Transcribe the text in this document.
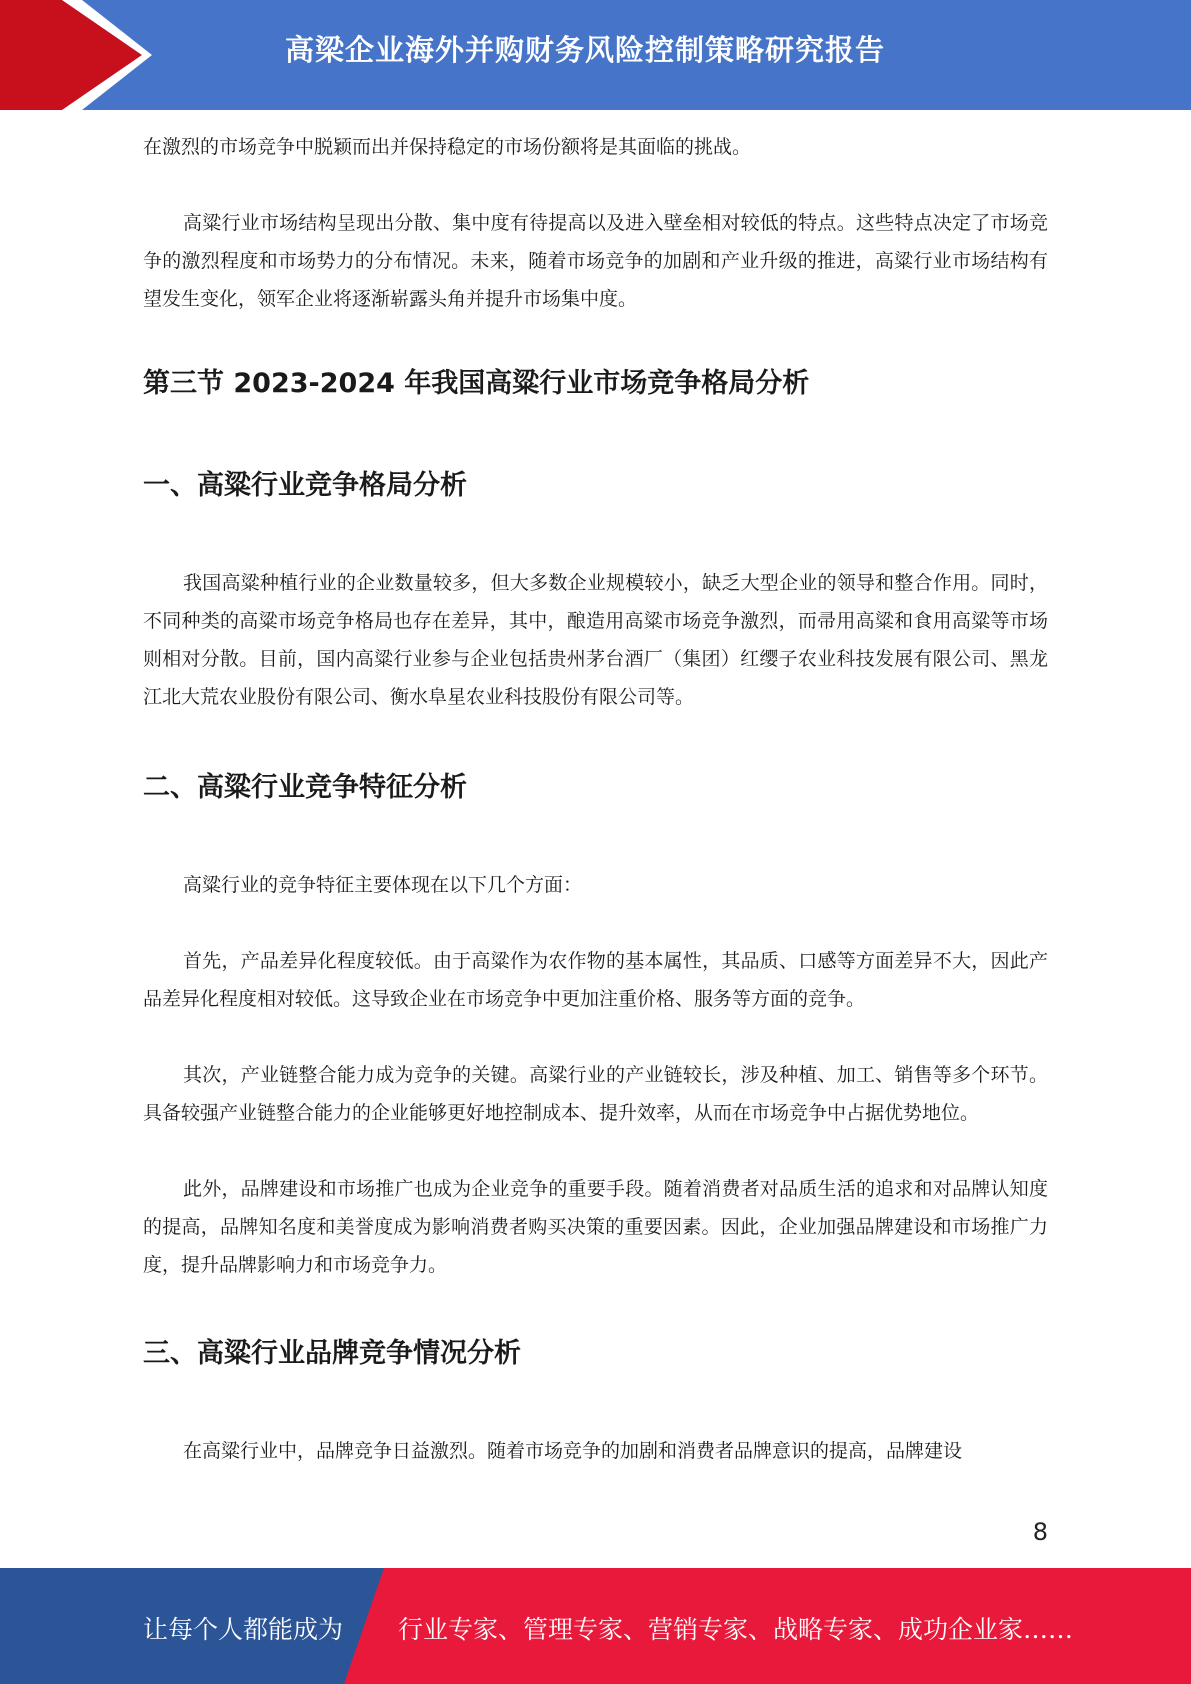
高梁企业海外并购财务风险控制策略研究报告

在激烈的市场竞争中脱颖而出并保持稳定的市场份额将是其面临的挑战。

高粱行业市场结构呈现出分散、集中度有待提高以及进入壁垒相对较低的特点。这些特点决定了市场竞争的激烈程度和市场势力的分布情况。未来，随着市场竞争的加剧和产业升级的推进，高粱行业市场结构有望发生变化，领军企业将逐渐崭露头角并提升市场集中度。

第三节 2023-2024 年我国高粱行业市场竞争格局分析
一、高粱行业竞争格局分析

我国高粱种植行业的企业数量较多，但大多数企业规模较小，缺乏大型企业的领导和整合作用。同时，不同种类的高粱市场竞争格局也存在差异，其中，酿造用高粱市场竞争激烈，而帚用高粱和食用高粱等市场则相对分散。目前，国内高粱行业参与企业包括贵州茅台酒厂（集团）红缨子农业科技发展有限公司、黑龙江北大荒农业股份有限公司、衡水阜星农业科技股份有限公司等。

二、高粱行业竞争特征分析

高粱行业的竞争特征主要体现在以下几个方面：

首先，产品差异化程度较低。由于高粱作为农作物的基本属性，其品质、口感等方面差异不大，因此产品差异化程度相对较低。这导致企业在市场竞争中更加注重价格、服务等方面的竞争。

其次，产业链整合能力成为竞争的关键。高粱行业的产业链较长，涉及种植、加工、销售等多个环节。具备较强产业链整合能力的企业能够更好地控制成本、提升效率，从而在市场竞争中占据优势地位。

此外，品牌建设和市场推广也成为企业竞争的重要手段。随着消费者对品质生活的追求和对品牌认知度的提高，品牌知名度和美誉度成为影响消费者购买决策的重要因素。因此，企业加强品牌建设和市场推广力度，提升品牌影响力和市场竞争力。

三、高粱行业品牌竞争情况分析

在高粱行业中，品牌竞争日益激烈。随着市场竞争的加剧和消费者品牌意识的提高，品牌建设

8
让每个人都能成为 行业专家、管理专家、营销专家、战略专家、成功企业家……
